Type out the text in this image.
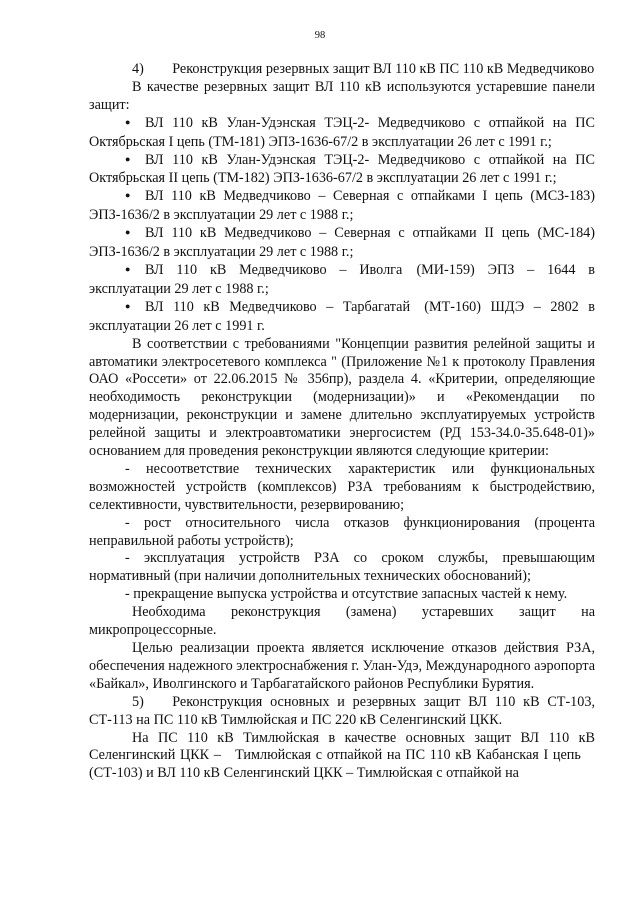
98

4)  Реконструкция резервных защит ВЛ 110 кВ ПС 110 кВ Медведчиково

В качестве резервных защит ВЛ 110 кВ используются устаревшие панели защит:

●ВЛ 110 кВ Улан-Удэнская ТЭЦ-2- Медведчиково с отпайкой на ПС Октябрьская I цепь (ТМ-181) ЭПЗ-1636-67/2 в эксплуатации 26 лет с 1991 г.;

●ВЛ 110 кВ Улан-Удэнская ТЭЦ-2- Медведчиково с отпайкой на ПС Октябрьская II цепь (ТМ-182) ЭПЗ-1636-67/2 в эксплуатации 26 лет с 1991 г.;

●ВЛ 110 кВ Медведчиково – Северная с отпайками I цепь (МСЗ-183) ЭПЗ-1636/2 в эксплуатации 29 лет с 1988 г.;

●ВЛ 110 кВ Медведчиково – Северная с отпайками II цепь (МС-184) ЭПЗ-1636/2 в эксплуатации 29 лет с 1988 г.;

●ВЛ 110 кВ Медведчиково – Иволга (МИ-159) ЭПЗ – 1644 в эксплуатации 29 лет с 1988 г.;

●ВЛ 110 кВ Медведчиково – Тарбагатай (МТ-160) ШДЭ – 2802 в эксплуатации 26 лет с 1991 г.

В соответствии с требованиями "Концепции развития релейной защиты и автоматики электросетевого комплекса " (Приложение №1 к протоколу Правления ОАО «Россети» от 22.06.2015 № 356пр), раздела 4. «Критерии, определяющие необходимость реконструкции (модернизации)» и «Рекомендации по модернизации, реконструкции и замене длительно эксплуатируемых устройств релейной защиты и электроавтоматики энергосистем (РД 153-34.0-35.648-01)» основанием для проведения реконструкции являются следующие критерии:

- несоответствие технических характеристик или функциональных возможностей устройств (комплексов) РЗА требованиям к быстродействию, селективности, чувствительности, резервированию;

- рост относительного числа отказов функционирования (процента неправильной работы устройств);

- эксплуатация устройств РЗА со сроком службы, превышающим нормативный (при наличии дополнительных технических обоснований);

- прекращение выпуска устройства и отсутствие запасных частей к нему.

Необходима реконструкция (замена) устаревших защит на микропроцессорные.

Целью реализации проекта является исключение отказов действия РЗА, обеспечения надежного электроснабжения г. Улан-Удэ, Международного аэропорта «Байкал», Иволгинского и Тарбагатайского районов Республики Бурятия.

5)  Реконструкция основных и резервных защит ВЛ 110 кВ СТ-103, СТ-113 на ПС 110 кВ Тимлюйская и ПС 220 кВ Селенгинский ЦКК.

На ПС 110 кВ Тимлюйская в качестве основных защит ВЛ 110 кВ Селенгинский ЦКК – Тимлюйская с отпайкой на ПС 110 кВ Кабанская I цепь (СТ-103) и ВЛ 110 кВ Селенгинский ЦКК – Тимлюйская с отпайкой на
